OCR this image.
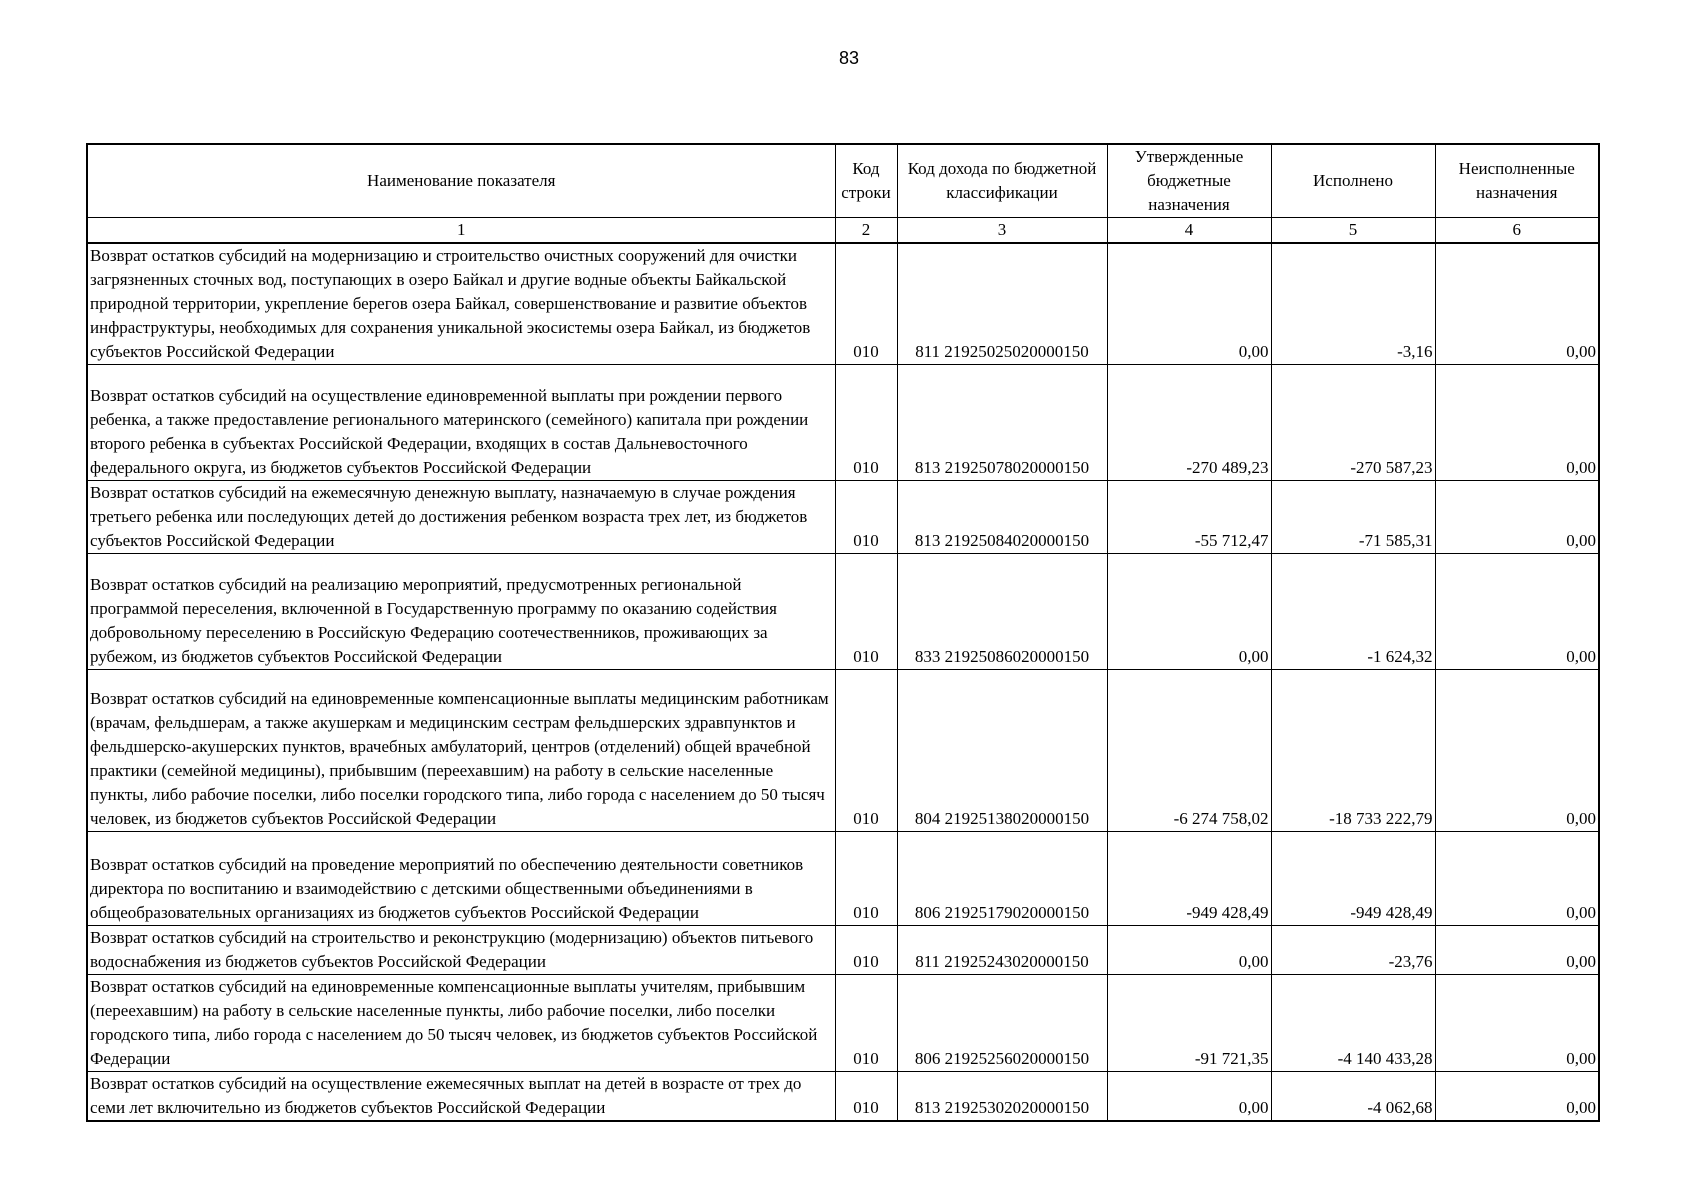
83
Наименование показателя	Код строки	Код дохода по бюджетной классификации	Утвержденные бюджетные назначения	Исполнено	Неисполненные назначения
1	2	3	4	5	6
Возврат остатков субсидий на модернизацию и строительство очистных сооружений для очистки загрязненных сточных вод, поступающих в озеро Байкал и другие водные объекты Байкальской природной территории, укрепление берегов озера Байкал, совершенствование и развитие объектов инфраструктуры, необходимых для сохранения уникальной экосистемы озера Байкал, из бюджетов субъектов Российской Федерации	010	811 21925025020000150	0,00	-3,16	0,00
Возврат остатков субсидий на осуществление единовременной выплаты при рождении первого ребенка, а также предоставление регионального материнского (семейного) капитала при рождении второго ребенка в субъектах Российской Федерации, входящих в состав Дальневосточного федерального округа, из бюджетов субъектов Российской Федерации	010	813 21925078020000150	-270 489,23	-270 587,23	0,00
Возврат остатков субсидий на ежемесячную денежную выплату, назначаемую в случае рождения третьего ребенка или последующих детей до достижения ребенком возраста трех лет, из бюджетов субъектов Российской Федерации	010	813 21925084020000150	-55 712,47	-71 585,31	0,00
Возврат остатков субсидий на реализацию мероприятий, предусмотренных региональной программой переселения, включенной в Государственную программу по оказанию содействия добровольному переселению в Российскую Федерацию соотечественников, проживающих за рубежом, из бюджетов субъектов Российской Федерации	010	833 21925086020000150	0,00	-1 624,32	0,00
Возврат остатков субсидий на единовременные компенсационные выплаты медицинским работникам (врачам, фельдшерам, а также акушеркам и медицинским сестрам фельдшерских здравпунктов и фельдшерско-акушерских пунктов, врачебных амбулаторий, центров (отделений) общей врачебной практики (семейной медицины), прибывшим (переехавшим) на работу в сельские населенные пункты, либо рабочие поселки, либо поселки городского типа, либо города с населением до 50 тысяч человек, из бюджетов субъектов Российской Федерации	010	804 21925138020000150	-6 274 758,02	-18 733 222,79	0,00
Возврат остатков субсидий на проведение мероприятий по обеспечению деятельности советников директора по воспитанию и взаимодействию с детскими общественными объединениями в общеобразовательных организациях из бюджетов субъектов Российской Федерации	010	806 21925179020000150	-949 428,49	-949 428,49	0,00
Возврат остатков субсидий на строительство и реконструкцию (модернизацию) объектов питьевого водоснабжения из бюджетов субъектов Российской Федерации	010	811 21925243020000150	0,00	-23,76	0,00
Возврат остатков субсидий на единовременные компенсационные выплаты учителям, прибывшим (переехавшим) на работу в сельские населенные пункты, либо рабочие поселки, либо поселки городского типа, либо города с населением до 50 тысяч человек, из бюджетов субъектов Российской Федерации	010	806 21925256020000150	-91 721,35	-4 140 433,28	0,00
Возврат остатков субсидий на осуществление ежемесячных выплат на детей в возрасте от трех до семи лет включительно из бюджетов субъектов Российской Федерации	010	813 21925302020000150	0,00	-4 062,68	0,00
